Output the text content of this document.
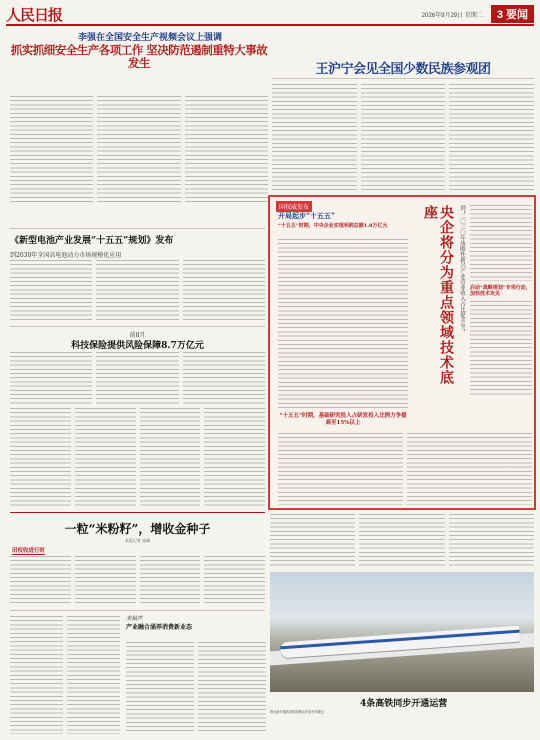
人民日报	2026年9月29日 星期二	3 要闻
李强在全国安全生产视频会议上强调
抓实抓细安全生产各项工作 坚决防范遏制重特大事故发生	王沪宁会见全国少数民族参观团
《新型电池产业发展“十五五”规划》发布
到2030年全国高电池动力市场规模化应用
前8月
科技保险提供风险保障8.7万亿元
国权威发布
开局起步“十五五”
“十五五”时期，中央企业实现利润总额1.8万亿元	央企将分为重点领域技术底座	到“二〇三〇年战略性新兴产业营业收入占比提升至” 启动“战略规划”专项行动，加快技术攻关
“十五五”时期，基础研究投入占研发投入比例力争提高至15%以上
一粒“米粉籽”，增收金种子
本报记者 高峰
田权收进行时
4条高铁同步开通运营
图为新开通的高铁线路动车组列车驶过
来稿声
产业融合涌养消费新业态
